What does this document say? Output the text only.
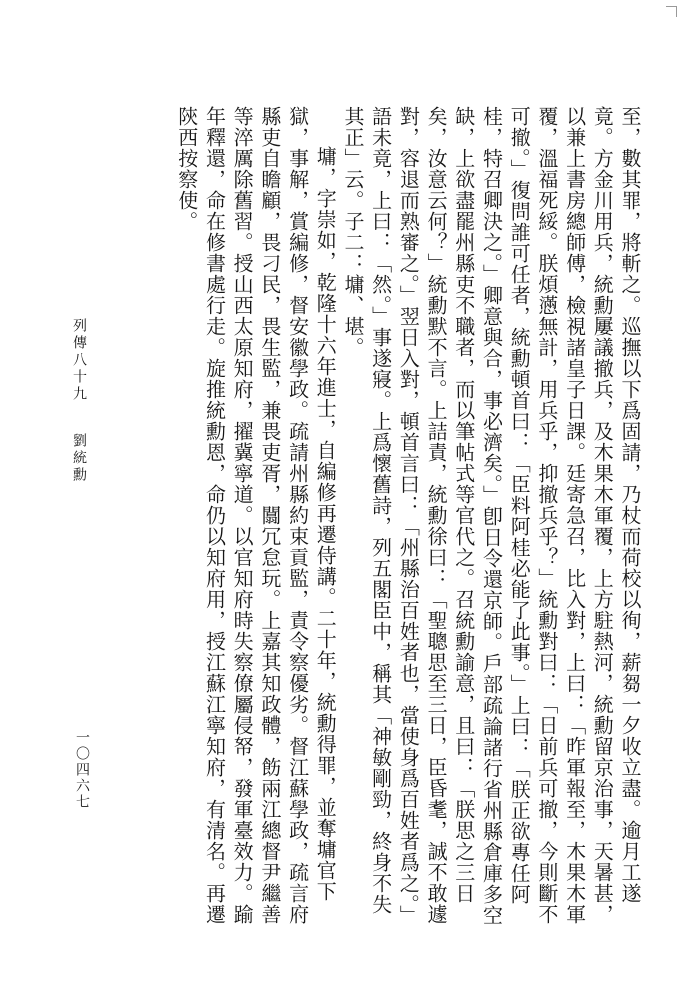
列傳八十九劉統勳
一〇四六七	至，數其罪，將斬之。巡撫以下爲固請，乃杖而荷校以徇，薪芻一夕收立盡。逾月工遂竟。方金川用兵，統勳屢議撤兵，及木果木軍覆，上方駐熱河，統勳留京治事，天暑甚，以兼上書房總師傅，檢視諸皇子日課。廷寄急召，比入對，上曰：「昨軍報至，木果木軍覆，溫福死綏。朕煩懣無計，用兵乎，抑撤兵乎？」統勳對曰：「日前兵可撤，今則斷不可撤。」復問誰可任者，統勳頓首曰：「臣料阿桂必能了此事。」上曰：「朕正欲專任阿桂，特召卿決之。」卿意與合，事必濟矣。」卽日令還京師。戶部疏論諸行省州縣倉庫多空缺，上欲盡罷州縣吏不職者，而以筆帖式等官代之。召統勳諭意，且曰：「朕思之三日矣，汝意云何？」統勳默不言。上詰責，統勳徐曰：「聖聰思至三日，臣昏耄，誠不敢遽對，容退而熟審之。」翌日入對，頓首言曰：「州縣治百姓者也，當使身爲百姓者爲之。」語未竟，上曰：「然。」事遂寢。上爲懷舊詩，列五閣臣中，稱其「神敏剛勁，終身不失其正」云。子二：墉、堪。

墉，字崇如，乾隆十六年進士，自編修再遷侍講。二十年，統勳得罪，並奪墉官下獄，事解，賞編修，督安徽學政。疏請州縣約束貢監，責令察優劣。督江蘇學政，疏言府縣吏自瞻顧，畏刁民，畏生監，兼畏吏胥，闒冗怠玩。上嘉其知政體，飭兩江總督尹繼善等淬厲除舊習。授山西太原知府，擢冀寧道。以官知府時失察僚屬侵帑，發軍臺效力。踰年釋還，命在修書處行走。旋推統勳恩，命仍以知府用，授江蘇江寧知府，有清名。再遷陝西按察使。
